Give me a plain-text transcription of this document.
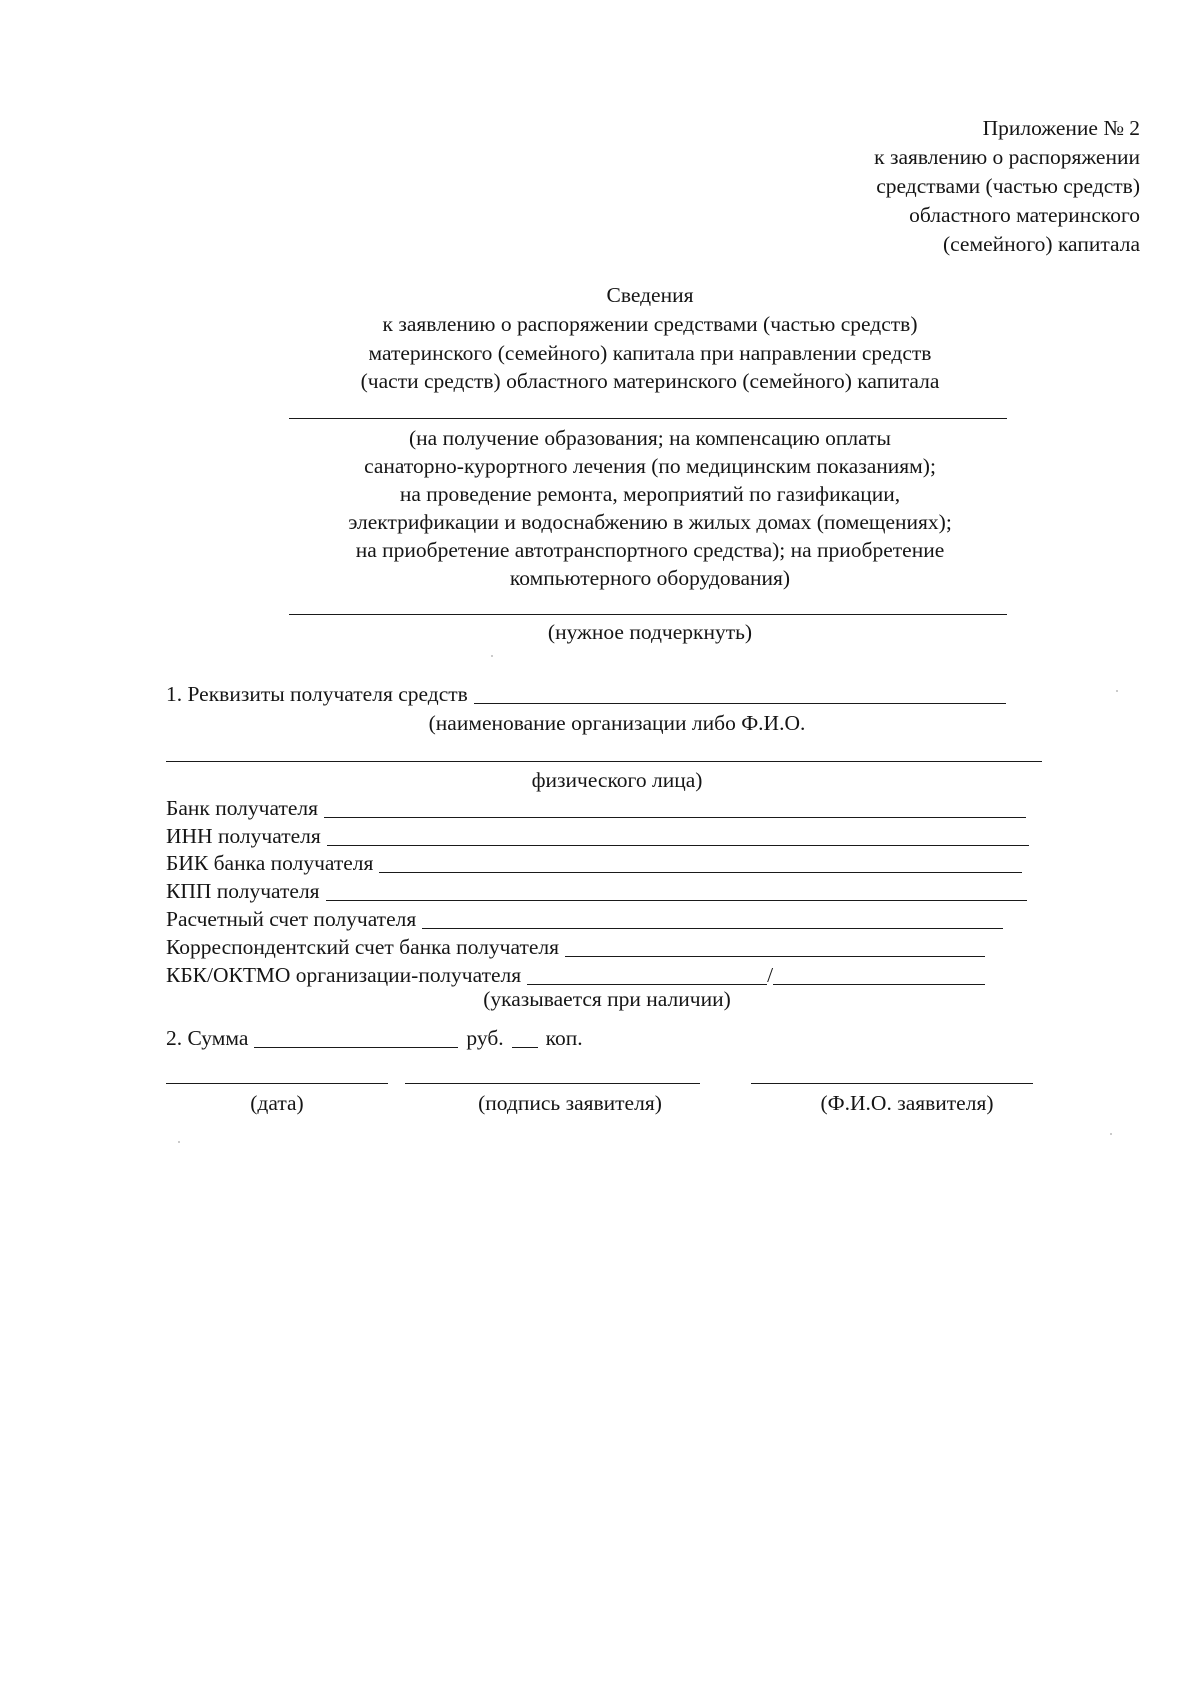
Приложение № 2
к заявлению о распоряжении
средствами (частью средств)
областного материнского
(семейного) капитала
Сведения
к заявлению о распоряжении средствами (частью средств)
материнского (семейного) капитала при направлении средств
(части средств) областного материнского (семейного) капитала
(на получение образования; на компенсацию оплаты
санаторно-курортного лечения (по медицинским показаниям);
на проведение ремонта, мероприятий по газификации,
электрификации и водоснабжению в жилых домах (помещениях);
на приобретение автотранспортного средства); на приобретение
компьютерного оборудования)
(нужное подчеркнуть)
1. Реквизиты получателя средств
(наименование организации либо Ф.И.О.
физического лица)
Банк получателя
ИНН получателя
БИК банка получателя
КПП получателя
Расчетный счет получателя
Корреспондентский счет банка получателя
КБК/ОКТМО организации-получателя	/
(указывается при наличии)
2. Сумма	руб. коп.
(дата)	(подпись заявителя)	(Ф.И.О. заявителя)
